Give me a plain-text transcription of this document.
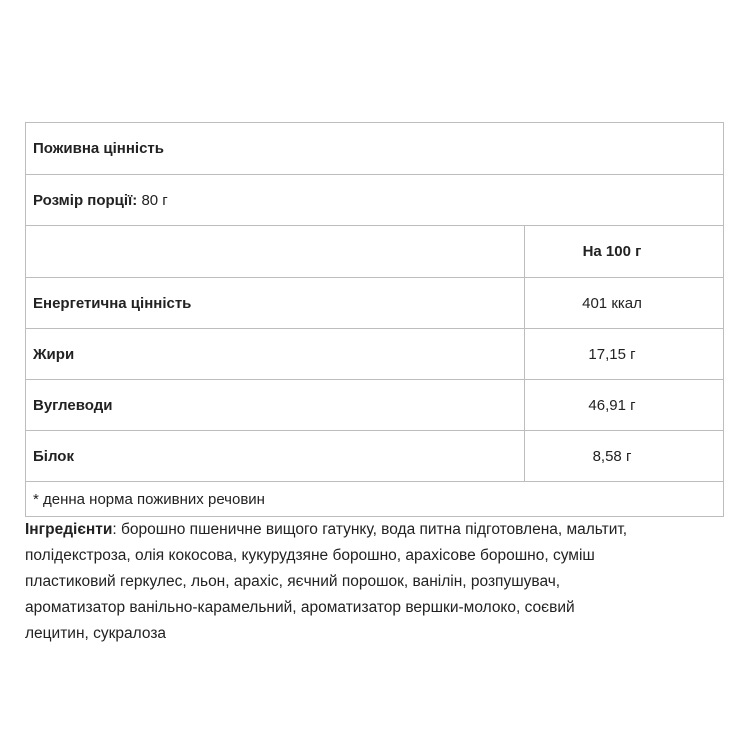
Поживна цінність
Розмір порції:
80 г
На 100 г
Енергетична цінність	401 ккал
Жири	17,15 г
Вуглеводи	46,91 г
Білок	8,58 г
* денна норма поживних речовин
Інгредієнти: борошно пшеничне вищого гатунку, вода питна підготовлена, мальтит,
полідекстроза, олія кокосова, кукурудзяне борошно, арахісове борошно, суміш
пластиковий геркулес, льон, арахіс, яєчний порошок, ванілін, розпушувач,
ароматизатор ванільно-карамельний, ароматизатор вершки-молоко, соєвий
лецитин, сукралоза
